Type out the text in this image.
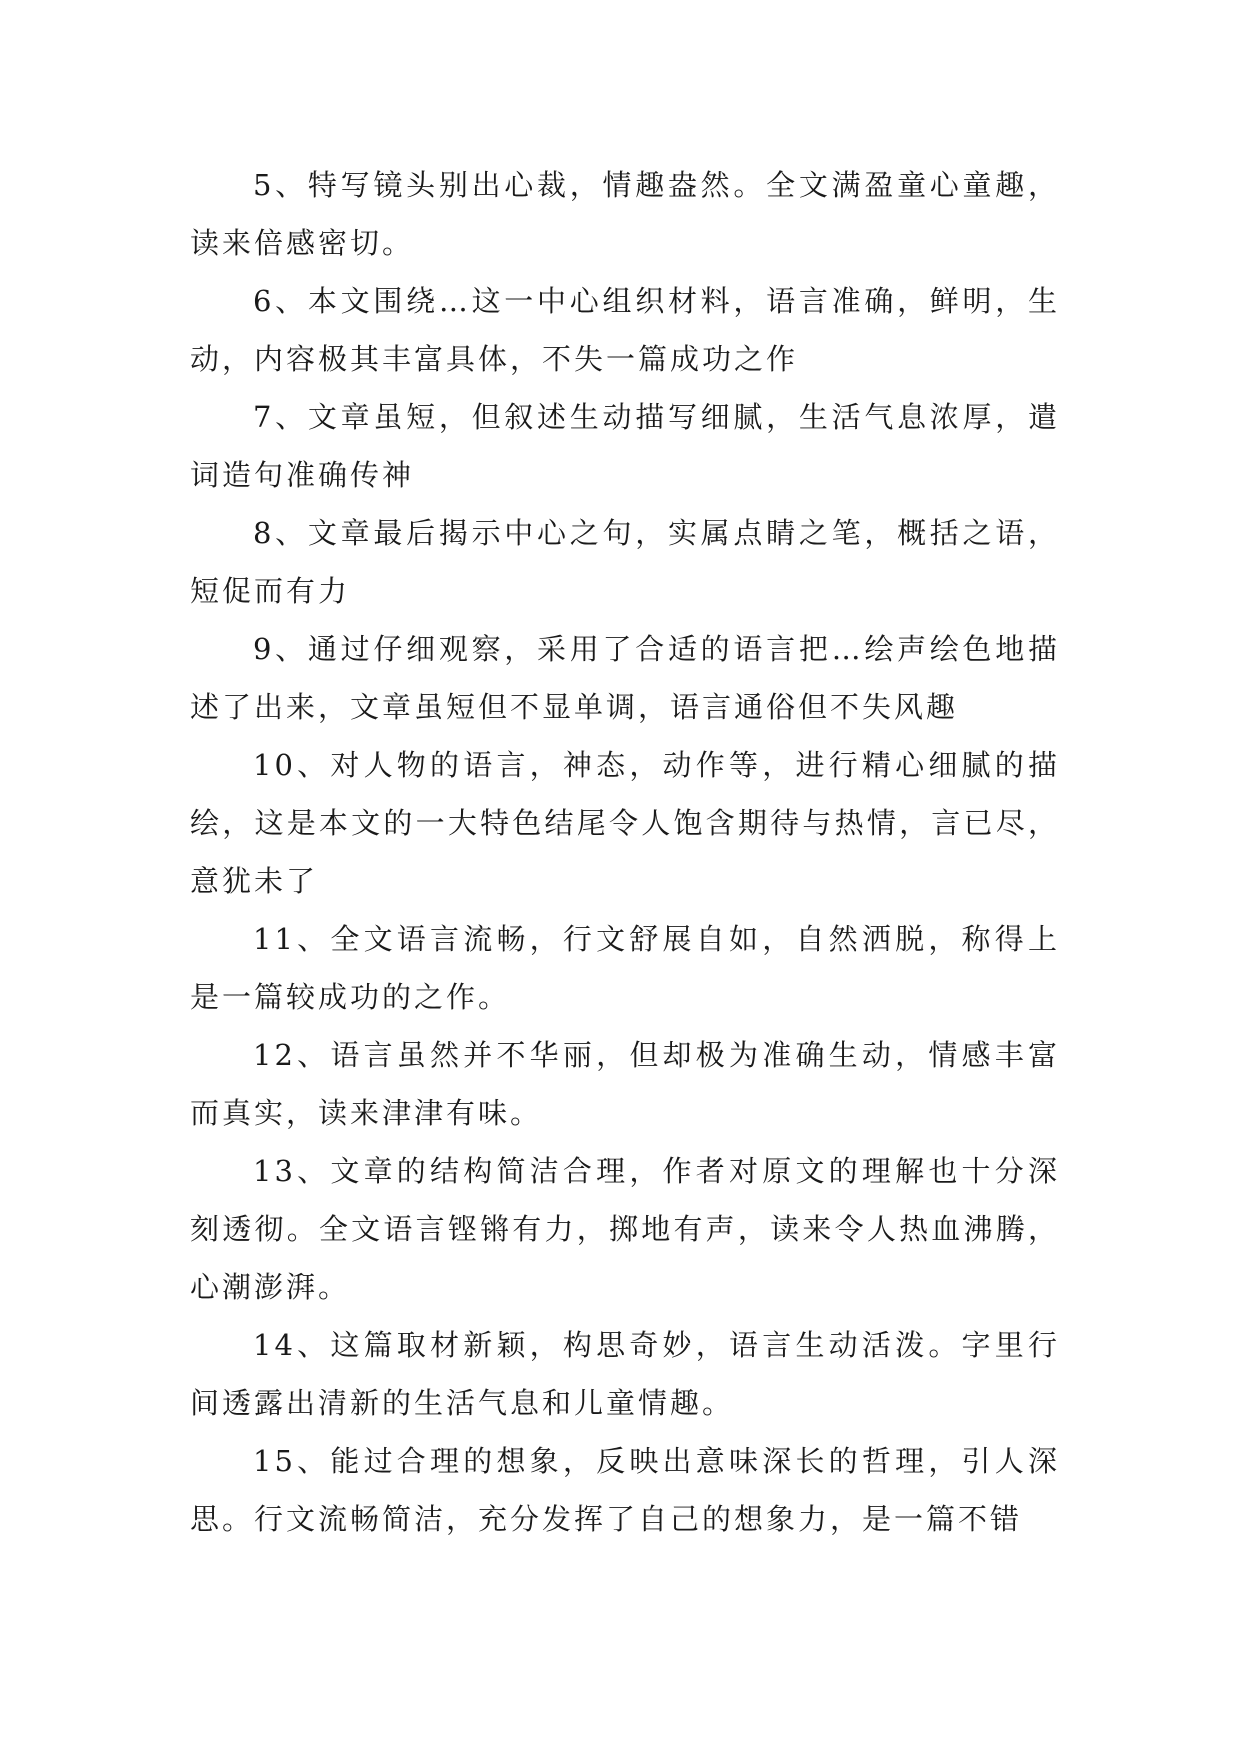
5、特写镜头别出心裁，情趣盎然。全文满盈童心童趣，读来倍感密切。

6、本文围绕…这一中心组织材料，语言准确，鲜明，生动，内容极其丰富具体，不失一篇成功之作

7、文章虽短，但叙述生动描写细腻，生活气息浓厚，遣词造句准确传神

8、文章最后揭示中心之句，实属点睛之笔，概括之语，短促而有力

9、通过仔细观察，采用了合适的语言把…绘声绘色地描述了出来，文章虽短但不显单调，语言通俗但不失风趣

10、对人物的语言，神态，动作等，进行精心细腻的描绘，这是本文的一大特色结尾令人饱含期待与热情，言已尽，意犹未了

11、全文语言流畅，行文舒展自如，自然洒脱，称得上是一篇较成功的之作。

12、语言虽然并不华丽，但却极为准确生动，情感丰富而真实，读来津津有味。

13、文章的结构简洁合理，作者对原文的理解也十分深刻透彻。全文语言铿锵有力，掷地有声，读来令人热血沸腾，心潮澎湃。

14、这篇取材新颖，构思奇妙，语言生动活泼。字里行间透露出清新的生活气息和儿童情趣。

15、能过合理的想象，反映出意味深长的哲理，引人深思。行文流畅简洁，充分发挥了自己的想象力，是一篇不错
